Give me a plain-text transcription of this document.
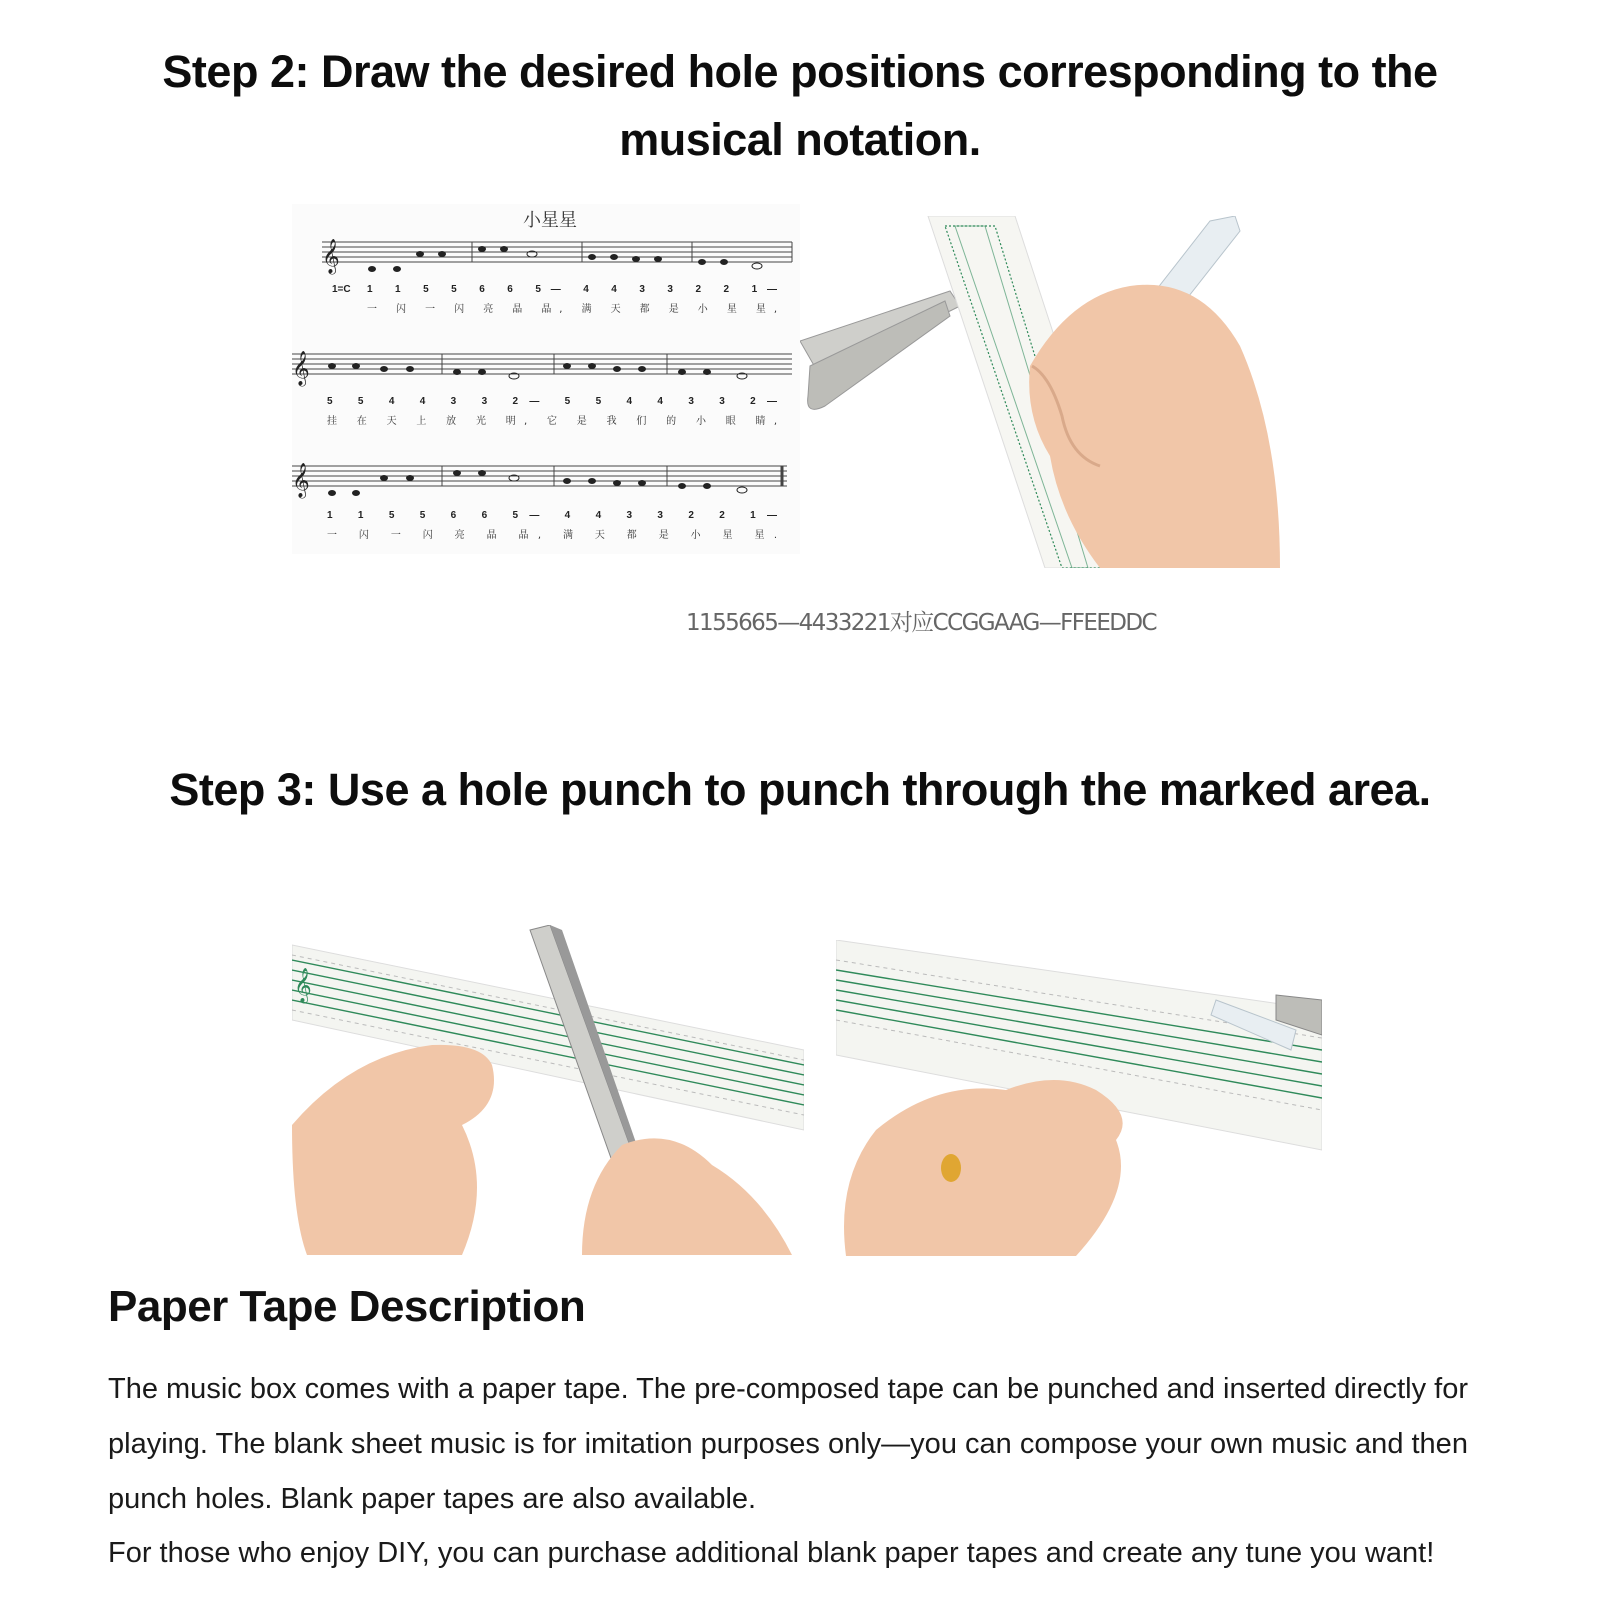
Step 2: Draw the desired hole positions corresponding to the
musical notation.
小星星
𝄞
1=C 1 1 5 5 6 6 5— 4 4 3 3 2 2 1—
一 闪 一 闪 亮 晶 晶, 满 天 都 是 小 星 星,
𝄞
5 5 4 4 3 3 2— 5 5 4 4 3 3 2—
挂 在 天 上 放 光 明, 它 是 我 们 的 小 眼 睛,
𝄞
1 1 5 5 6 6 5— 4 4 3 3 2 2 1—
一 闪 一 闪 亮 晶 晶, 满 天 都 是 小 星 星.
1155665—4433221对应CCGGAAG—FFEEDDC
Step 3: Use a hole punch to punch through the marked area.
𝄞
Paper Tape Description
The music box comes with a paper tape. The pre-composed tape can be punched and inserted directly for playing. The blank sheet music is for imitation purposes only—you can compose your own music and then punch holes. Blank paper tapes are also available.
For those who enjoy DIY, you can purchase additional blank paper tapes and create any tune you want!
